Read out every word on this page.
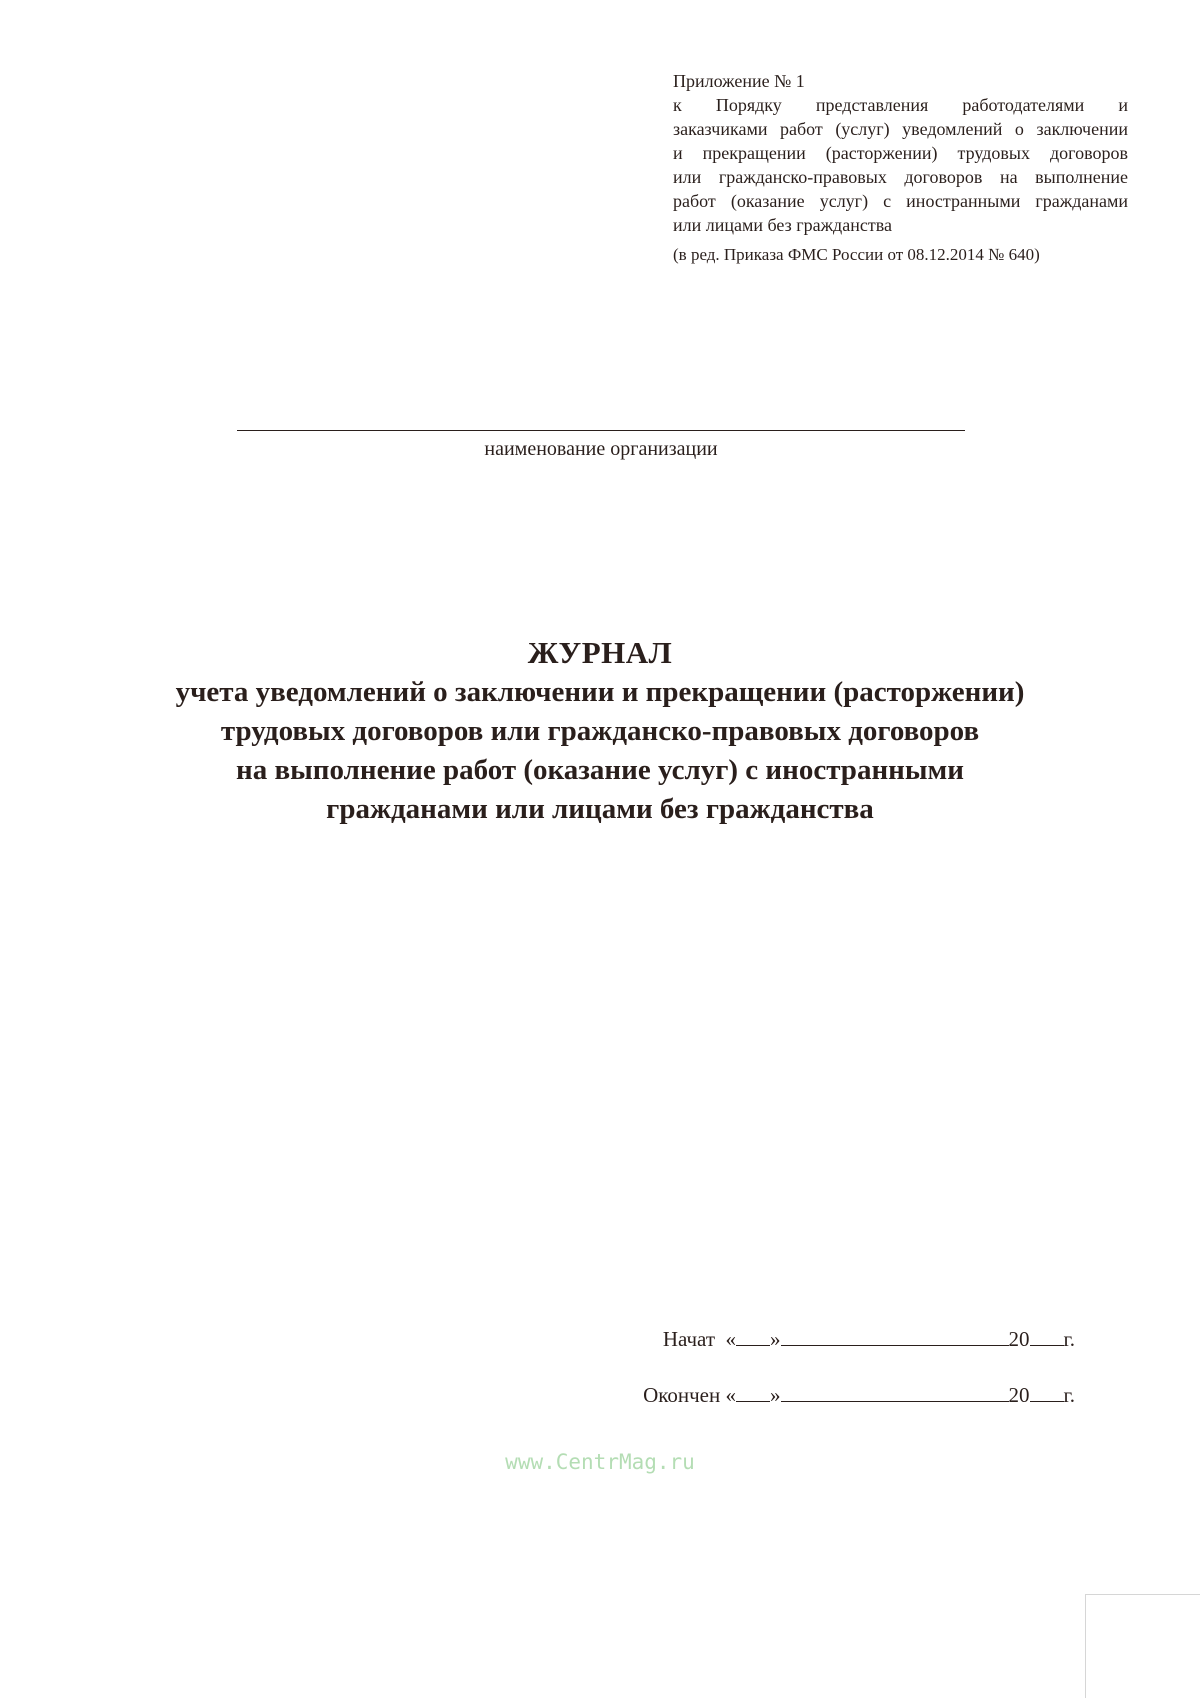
Приложение № 1
к Порядку представления работодателями и
заказчиками работ (услуг) уведомлений о заключении
и прекращении (расторжении) трудовых договоров
или гражданско-правовых договоров на выполнение
работ (оказание услуг) с иностранными гражданами
или лицами без гражданства
(в ред. Приказа ФМС России от 08.12.2014 № 640)
наименование организации
ЖУРНАЛ
учета уведомлений о заключении и прекращении (расторжении)
трудовых договоров или гражданско-правовых договоров
на выполнение работ (оказание услуг) с иностранными
гражданами или лицами без гражданства
Начат « »	20 г.
Окончен « »	20 г.
www.CentrMag.ru
